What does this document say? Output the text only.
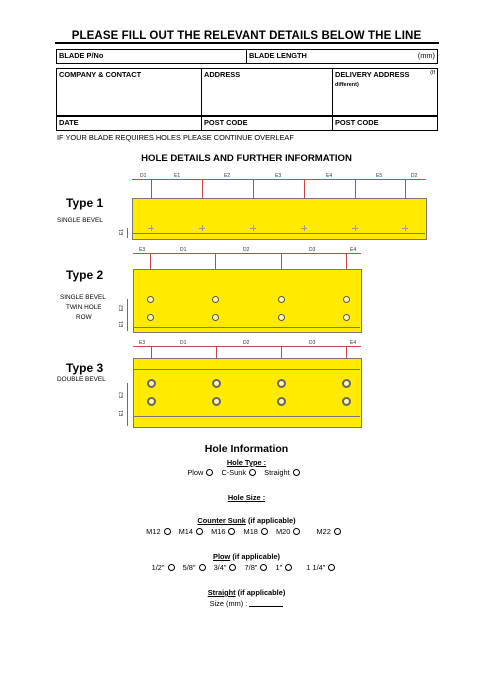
PLEASE FILL OUT THE RELEVANT DETAILS BELOW THE LINE
BLADE P/No	BLADE LENGTH	(mm)
COMPANY & CONTACT	ADDRESS	DELIVERY ADDRESS	(If

different)
DATE	POST CODE	POST CODE
IF YOUR BLADE REQUIRES HOLES PLEASE CONTINUE OVERLEAF
HOLE DETAILS AND FURTHER INFORMATION
Type 1
SINGLE BEVEL
D1	E1	E2	E3	E4	E5	D2
E1
Type 2
SINGLE BEVEL
TWIN HOLE
ROW
E3	D1	D2	D3	E4
E2
E1
Type 3
DOUBLE BEVEL
E3	D1	D2	D3	E4
E2
E1
Hole Information
Hole Type :
Plow C-Sunk Straight
Hole Size :
Counter Sunk (if applicable)
M12 M14 M16 M18 M20	M22
Plow (if applicable)
1/2" 5/8" 3/4" 7/8" 1"	1 1/4"
Straight (if applicable)
Size (mm) :
